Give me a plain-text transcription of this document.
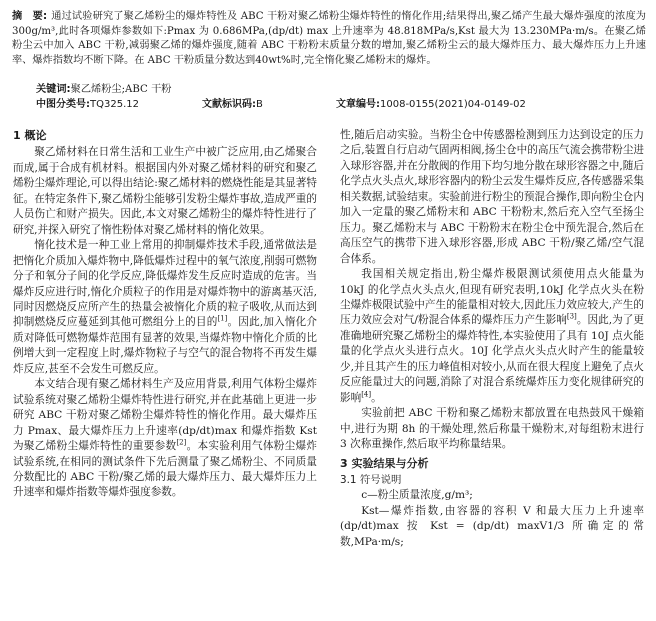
摘　要: 通过试验研究了聚乙烯粉尘的爆炸特性及 ABC 干粉对聚乙烯粉尘爆炸特性的惰化作用;结果得出,聚乙烯产生最大爆炸强度的浓度为 300g/m³,此时各项爆炸参数如下:Pmax 为 0.686MPa,(dp/dt) max 上升速率为 48.818MPa/s,Kst 最大为 13.230MPa·m/s。在聚乙烯粉尘云中加入 ABC 干粉,减弱聚乙烯的爆炸强度,随着 ABC 干粉粉末质量分数的增加,聚乙烯粉尘云的最大爆炸压力、最大爆炸压力上升速率、爆炸指数均不断下降。在 ABC 干粉质量分数达到40wt%时,完全惰化聚乙烯粉末的爆炸。
关键词:聚乙烯粉尘;ABC 干粉
中图分类号:TQ325.12	文献标识码:B	文章编号:1008-0155(2021)04-0149-02
1 概论

聚乙烯材料在日常生活和工业生产中被广泛应用,由乙烯聚合而成,属于合成有机材料。根据国内外对聚乙烯材料的研究和聚乙烯粉尘爆炸理论,可以得出结论:聚乙烯材料的燃烧性能是其显著特征。在特定条件下,聚乙烯粉尘能够引发粉尘爆炸事故,造成严重的人员伤亡和财产损失。因此,本文对聚乙烯粉尘的爆炸特性进行了研究,并探入研究了惰性粉体对聚乙烯材料的惰化效果。

惰化技术是一种工业上常用的抑制爆炸技术手段,通常做法是把惰化介质加入爆炸物中,降低爆炸过程中的氧气浓度,削弱可燃物分子和氧分子间的化学反应,降低爆炸发生反应时造成的危害。当爆炸反应进行时,惰化介质粒子的作用是对爆炸物中的游离基灭活,同时因燃烧反应所产生的热量会被惰化介质的粒子吸收,从而达到抑制燃烧反应蔓延到其他可燃组分上的目的[1]。因此,加入惰化介质对降低可燃物爆炸范围有显著的效果,当爆炸物中惰化介质的比例增大到一定程度上时,爆炸物粒子与空气的混合物将不再发生爆炸反应,甚至不会发生可燃反应。

本文结合现有聚乙烯材料生产及应用背景,利用气体粉尘爆炸试验系统对聚乙烯粉尘爆炸特性进行研究,并在此基础上更进一步研究 ABC 干粉对聚乙烯粉尘爆炸特性的惰化作用。最大爆炸压力 Pmax、最大爆炸压力上升速率(dp/dt)max 和爆炸指数 Kst 为聚乙烯粉尘爆炸特性的重要参数[2]。本实验利用气体粉尘爆炸试验系统,在相同的测试条件下先后测量了聚乙烯粉尘、不同质量分数配比的 ABC 干粉/聚乙烯的最大爆炸压力、最大爆炸压力上升速率和爆炸指数等爆炸强度参数。

性,随后启动实验。当粉尘仓中传感器检测到压力达到设定的压力之后,装置自行启动气固两相阀,扬尘仓中的高压气流会携带粉尘进入球形容器,并在分散阀的作用下均匀地分散在球形容器之中,随后化学点火头点火,球形容器内的粉尘云发生爆炸反应,各传感器采集相关数据,试验结束。实验前进行粉尘的预混合操作,即向粉尘仓内加入一定量的聚乙烯粉末和 ABC 干粉粉末,然后充入空气至扬尘压力。聚乙烯粉末与 ABC 干粉粉末在粉尘仓中预先混合,然后在高压空气的携带下进入球形容器,形成 ABC 干粉/聚乙烯/空气混合体系。

我国相关规定指出,粉尘爆炸极限测试须使用点火能量为 10kJ 的化学点火头点火,但现有研究表明,10kJ 化学点火头在粉尘爆炸极限试验中产生的能量相对较大,因此压力效应较大,产生的压力效应会对气/粉混合体系的爆炸压力产生影响[3]。因此,为了更准确地研究聚乙烯粉尘的爆炸特性,本实验使用了具有 10J 点火能量的化学点火头进行点火。10J 化学点火头点火时产生的能量较少,并且其产生的压力峰值相对较小,从而在很大程度上避免了点火反应能量过大的问题,消除了对混合系统爆炸压力变化规律研究的影响[4]。

实验前把 ABC 干粉和聚乙烯粉末都放置在电热鼓风干燥箱中,进行为期 8h 的干燥处理,然后称量干燥粉末,对每组粉末进行 3 次称重操作,然后取平均称量结果。

3 实验结果与分析
3.1 符号说明

c—粉尘质量浓度,g/m³;

Kst—爆炸指数,由容器的容积 V 和最大压力上升速率(dp/dt)max 按 Kst = (dp/dt) maxV1/3 所确定的常数,MPa·m/s;
